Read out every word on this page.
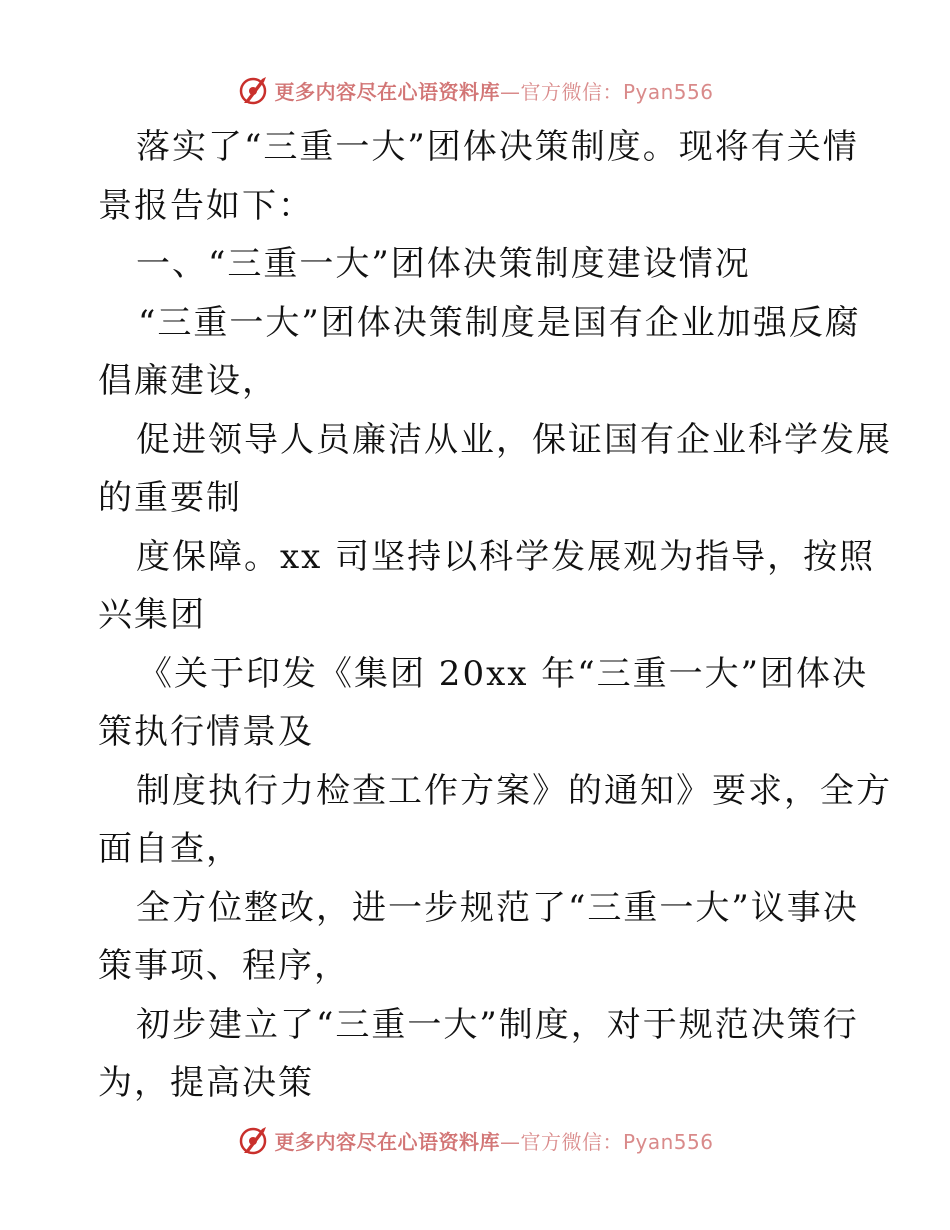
更多内容尽在心语资料库—官方微信：Pyan556
落实了“三重一大”团体决策制度。现将有关情
景报告如下：
一、“三重一大”团体决策制度建设情况
“三重一大”团体决策制度是国有企业加强反腐
倡廉建设，
促进领导人员廉洁从业，保证国有企业科学发展
的重要制
度保障。xx 司坚持以科学发展观为指导，按照
兴集团
《关于印发《集团 20xx 年“三重一大”团体决
策执行情景及
制度执行力检查工作方案》的通知》要求，全方
面自查，
全方位整改，进一步规范了“三重一大”议事决
策事项、程序，
初步建立了“三重一大”制度，对于规范决策行
为，提高决策
更多内容尽在心语资料库—官方微信：Pyan556
